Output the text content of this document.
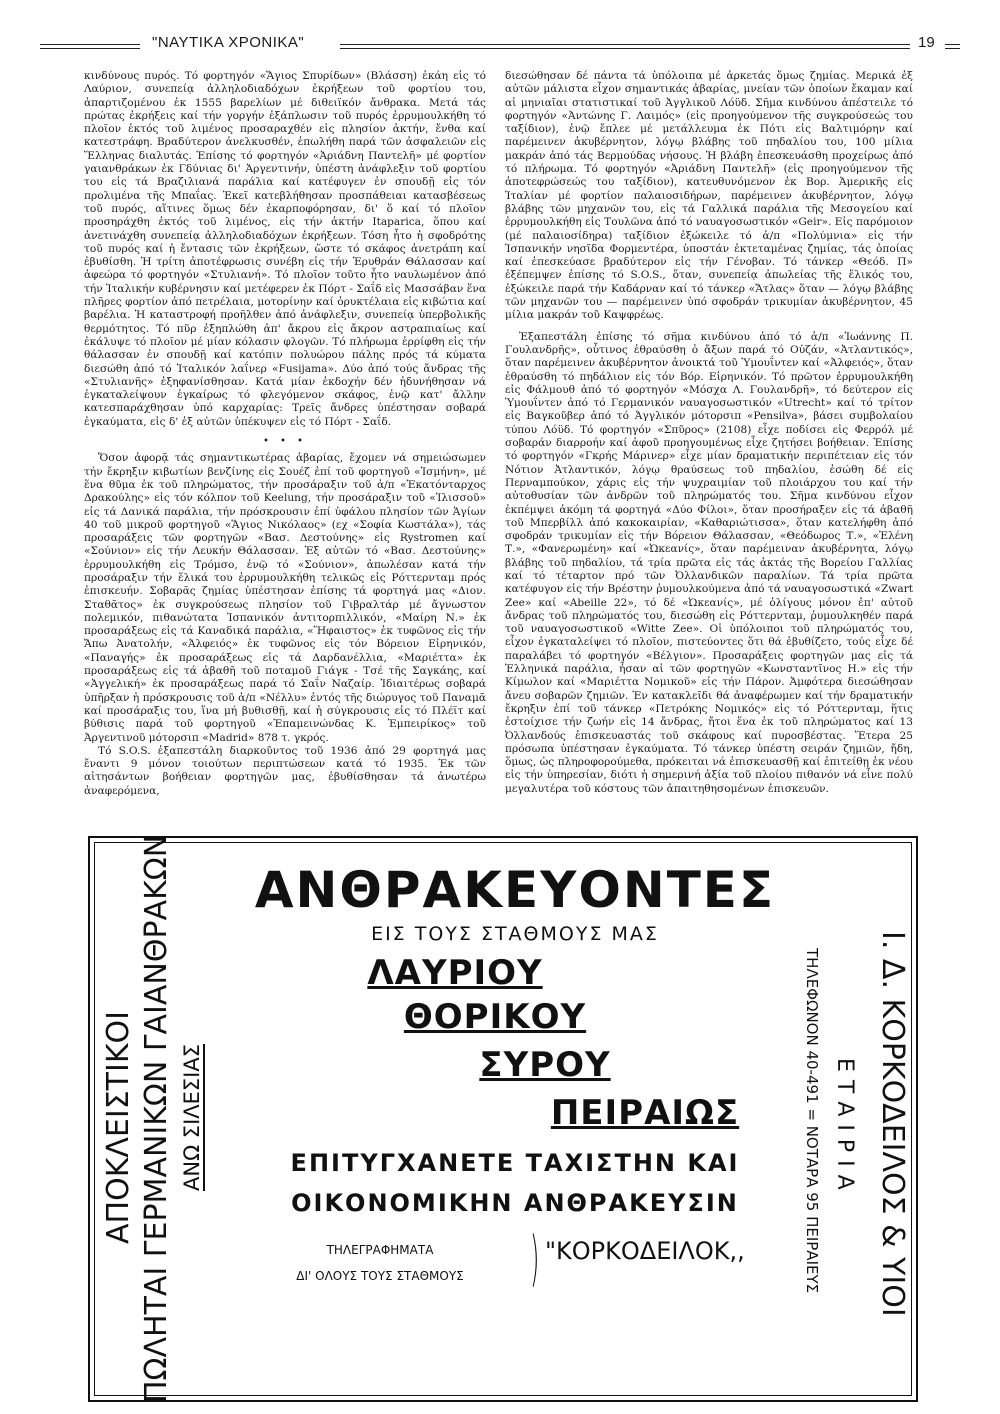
"ΝΑΥΤΙΚΑ ΧΡΟΝΙΚΑ"	19

κινδύνους πυρός. Τό φορτηγόν «Ἅγιος Σπυρίδων» (Βλάσση) ἐκάη εἰς τό Λαύριον, συνεπείᾳ ἀλληλοδιαδόχων ἐκρήξεων τοῦ φορτίου του, ἀπαρτιζομένου ἐκ 1555 βαρελίων μέ διθειϊκόν ἄνθρακα. Μετά τάς πρώτας ἐκρήξεις καί τήν γοργήν ἐξάπλωσιν τοῦ πυρός ἐρρυμουλκήθη τό πλοῖον ἐκτός τοῦ λιμένος προσαραχθέν εἰς πλησίον ἀκτήν, ἔνθα καί κατεστράφη. Βραδύτερον ἀνελκυσθέν, ἐπωλήθη παρά τῶν ἀσφαλειῶν εἰς Ἕλληνας διαλυτάς. Ἐπίσης τό φορτηγόν «Ἀριάδνη Παντελῆ» μέ φορτίον γαιανθράκων ἐκ Γδύνιας δι' Ἀργεντινήν, ὑπέστη ἀνάφλεξιν τοῦ φορτίου του εἰς τά Βραζιλιανά παράλια καί κατέφυγεν ἐν σπουδῇ εἰς τόν προλιμένα τῆς Μπαΐας. Ἐκεῖ κατεβλήθησαν προσπάθειαι κατασβέσεως τοῦ πυρός, αἵτινες ὅμως δέν ἐκαρποφόρησαν, δι' ὅ καί τό πλοῖον προσηράχθη ἐκτός τοῦ λιμένος, εἰς τήν ἀκτήν Itaparica, ὅπου καί ἀνετινάχθη συνεπείᾳ ἀλληλοδιαδόχων ἐκρήξεων. Τόση ἦτο ἡ σφοδρότης τοῦ πυρός καί ἡ ἔντασις τῶν ἐκρήξεων, ὥστε τό σκάφος ἀνετράπη καί ἐβυθίσθη. Ἡ τρίτη ἀποτέφρωσις συνέβη εἰς τήν Ἐρυθράν Θάλασσαν καί ἀφεώρα τό φορτηγόν «Στυλιανή». Τό πλοῖον τοῦτο ἦτο ναυλωμένον ἀπό τήν Ἰταλικήν κυβέρνησιν καί μετέφερεν ἐκ Πόρτ - Σαΐδ εἰς Μασσάβαν ἕνα πλῆρες φορτίον ἀπό πετρέλαια, μοτορίνην καί ὀρυκτέλαια εἰς κιβώτια καί βαρέλια. Ἡ καταστροφή προῆλθεν ἀπό ἀνάφλεξιν, συνεπείᾳ ὑπερβολικῆς θερμότητος. Τό πῦρ ἐξηπλώθη ἀπ' ἄκρου εἰς ἄκρον αστραπιαίως καί ἐκάλυψε τό πλοῖον μέ μίαν κόλασιν φλογῶν. Τό πλήρωμα ἐρρίφθη εἰς τήν θάλασσαν ἐν σπουδῇ καί κατόπιν πολυώρου πάλης πρός τά κύματα διεσώθη ἀπό τό Ἰταλικόν λαΐνερ «Fusijama». Δύο ἀπό τούς ἄνδρας τῆς «Στυλιανῆς» ἐξηφανίσθησαν. Κατά μίαν ἐκδοχήν δέν ἠδυνήθησαν νά ἐγκαταλείψουν ἐγκαίρως τό φλεγόμενον σκάφος, ἐνῷ κατ' ἄλλην κατεσπαράχθησαν ὑπό καρχαρίας: Τρεῖς ἄνδρες ὑπέστησαν σοβαρά ἐγκαύματα, εἰς δ' ἐξ αὐτῶν ὑπέκυψεν εἰς τό Πόρτ - Σαΐδ.

• • •

Ὅσον ἀφορᾷ τάς σημαντικωτέρας ἀβαρίας, ἔχομεν νά σημειώσωμεν τήν ἔκρηξιν κιβωτίων βενζίνης εἰς Σουέζ ἐπί τοῦ φορτηγοῦ «Ἰσμήνη», μέ ἕνα θῦμα ἐκ τοῦ πληρώματος, τήν προσάραξιν τοῦ ἀ/π «Ἑκατόνταρχος Δρακούλης» εἰς τόν κόλπον τοῦ Keelung, τήν προσάραξιν τοῦ «Ἰλισσοῦ» εἰς τά Δανικά παράλια, τήν πρόσκρουσιν ἐπί ὑφάλου πλησίον τῶν Ἁγίων 40 τοῦ μικροῦ φορτηγοῦ «Ἅγιος Νικόλαος» (εχ «Σοφία Κωστάλα»), τάς προσαράξεις τῶν φορτηγῶν «Βασ. Δεστούνης» εἰς Rystromen καί «Σούνιον» εἰς τήν Λευκήν Θάλασσαν. Ἐξ αὐτῶν τό «Βασ. Δεστούνης» ἐρρυμουλκήθη εἰς Τρόμσο, ἐνῷ τό «Σούνιον», ἀπωλέσαν κατά τήν προσάραξιν τήν ἕλικά του ἐρρυμουλκήθη τελικῶς εἰς Ρόττερνταμ πρός ἐπισκευήν. Σοβαρᾶς ζημίας ὑπέστησαν ἐπίσης τά φορτηγά μας «Διον. Σταθᾶτος» ἐκ συγκρούσεως πλησίον τοῦ Γιβραλτάρ μέ ἄγνωστον πολεμικόν, πιθανώτατα Ἰσπανικόν ἀντιτορπιλλικόν, «Μαίρη Ν.» ἐκ προσαράξεως εἰς τά Καναδικά παράλια, «Ἥφαιστος» ἐκ τυφῶνος εἰς τήν Ἄπω Ἀνατολήν, «Ἀλφειός» ἐκ τυφῶνος εἰς τόν Βόρειον Εἰρηνικόν, «Παναγής» ἐκ προσαράξεως εἰς τά Δαρδανέλλια, «Μαριέττα» ἐκ προσαράξεως εἰς τά ἀβαθῆ τοῦ ποταμοῦ Γιάγκ - Τσέ τῆς Σαγκάης, καί «Ἀγγελική» ἐκ προσαράξεως παρά τό Σαΐν Ναζαίρ. Ἰδιαιτέρως σοβαρά ὑπῆρξαν ἡ πρόσκρουσις τοῦ ἀ/π «Νέλλυ» ἐντός τῆς διώρυγος τοῦ Παναμᾶ καί προσάραξις του, ἵνα μή βυθισθῇ, καί ἡ σύγκρουσις εἰς τό Πλέϊτ καί βύθισις παρά τοῦ φορτηγοῦ «Ἐπαμεινώνδας Κ. Ἐμπειρίκος» τοῦ Ἀργεντινοῦ μότορσιπ «Madrid» 878 τ. γκρός.

Τό S.O.S. ἐξαπεστάλη διαρκοῦντος τοῦ 1936 ἀπό 29 φορτηγά μας ἔναντι 9 μόνον τοιούτων περιπτώσεων κατά τό 1935. Ἐκ τῶν αἰτησάντων βοήθειαν φορτηγῶν μας, ἐβυθίσθησαν τά ἀνωτέρω ἀναφερόμενα,

διεσώθησαν δέ πάντα τά ὑπόλοιπα μέ ἀρκετάς ὅμως ζημίας. Μερικά ἐξ αὐτῶν μάλιστα εἶχον σημαντικάς ἀβαρίας, μνείαν τῶν ὁποίων ἔκαμαν καί αἱ μηνιαῖαι στατιστικαί τοῦ Ἀγγλικοῦ Λόϋδ. Σῆμα κινδύνου ἀπέστειλε τό φορτηγόν «Ἀντώνης Γ. Λαιμός» (εἰς προηγούμενον τῆς συγκρούσεώς του ταξίδιον), ἐνῷ ἔπλεε μέ μετάλλευμα ἐκ Πότι εἰς Βαλτιμόρην καί παρέμεινεν ἀκυβέρνητον, λόγῳ βλάβης τοῦ πηδαλίου του, 100 μίλια μακράν ἀπό τάς Βερμούδας νήσους. Ἡ βλάβη ἐπεσκευάσθη προχείρως ἀπό τό πλήρωμα. Τό φορτηγόν «Ἀριάδνη Παντελῆ» (εἰς προηγούμενον τῆς ἀποτεφρώσεώς του ταξίδιον), κατευθυνόμενον ἐκ Βορ. Ἀμερικῆς εἰς Ἰταλίαν μέ φορτίον παλαιοσιδήρων, παρέμεινεν ἀκυβέρνητον, λόγῳ βλάβης τῶν μηχανῶν του, εἰς τά Γαλλικά παράλια τῆς Μεσογείου καί ἐρρυμουλκήθη εἰς Τουλῶνα ἀπό τό ναυαγοσωστικόν «Geir». Εἰς παρόμοιον (μέ παλαιοσίδηρα) ταξίδιον ἐξώκειλε τό ἀ/π «Πολύμνια» εἰς τήν Ἰσπανικήν νησῖδα Φορμεντέρα, ὑποστάν ἐκτεταμένας ζημίας, τάς ὁποίας καί ἐπεσκεύασε βραδύτερον εἰς τήν Γένοβαν. Τό τάνκερ «Θεόδ. Π» ἐξέπεμψεν ἐπίσης τό S.O.S., ὅταν, συνεπείᾳ ἀπωλείας τῆς ἕλικός του, ἐξώκειλε παρά τήν Καδάρναν καί τό τάνκερ «Ἄτλας» ὅταν — λόγῳ βλάβης τῶν μηχανῶν του — παρέμεινεν ὑπό σφοδράν τρικυμίαν ἀκυβέρνητον, 45 μίλια μακράν τοῦ Καψφρέως.

Ἐξαπεστάλη ἐπίσης τό σῆμα κινδύνου ἀπό τό ἀ/π «Ἰωάννης Π. Γουλανδρῆς», οὗτινος ἐθραύσθη ὁ ἄξων παρά τό Οὐζάν, «Ἀτλαντικός», ὅταν παρέμεινεν ἀκυβέρνητον ἀνοικτά τοῦ Ὑμουΐντεν καί «Ἀλφειός», ὅταν ἐθραύσθη τό πηδάλιον εἰς τόν Βόρ. Εἰρηνικόν. Τό πρῶτον ἐρρυμουλκήθη εἰς Φάλμουθ ἀπό τό φορτηγόν «Μόσχα Λ. Γουλανδρῆ», τό δεύτερον εἰς Ὑμουΐντεν ἀπό τό Γερμανικόν ναυαγοσωστικόν «Utrecht» καί τό τρίτον εἰς Βαγκοῦβερ ἀπό τό Ἀγγλικόν μότορσιπ «Pensilva», βάσει συμβολαίου τύπου Λόϋδ. Τό φορτηγόν «Σπῦρος» (2108) εἶχε ποδίσει εἰς Φερρόλ μέ σοβαράν διαρροήν καί ἀφοῦ προηγουμένως εἶχε ζητήσει βοήθειαν. Ἐπίσης τό φορτηγόν «Γκρής Μάρινερ» εἶχε μίαν δραματικήν περιπέτειαν εἰς τόν Νότιον Ἀτλαντικόν, λόγῳ θραύσεως τοῦ πηδαλίου, ἐσώθη δέ εἰς Περναμπούκον, χάρις εἰς τήν ψυχραιμίαν τοῦ πλοιάρχου του καί τήν αὐτοθυσίαν τῶν ἀνδρῶν τοῦ πληρώματός του. Σῆμα κινδύνου εἶχον ἐκπέμψει ἀκόμη τά φορτηγά «Δύο Φίλοι», ὅταν προσήραξεν εἰς τά ἀβαθῆ τοῦ Μπερβίλλ ἀπό κακοκαιρίαν, «Καθαριώτισσα», ὅταν κατελήφθη ἀπό σφοδράν τρικυμίαν εἰς τήν Βόρειον Θάλασσαν, «Θεόδωρος Τ.», «Ἑλένη Τ.», «Φανερωμένη» καί «Ὠκεανίς», ὅταν παρέμειναν ἀκυβέρνητα, λόγῳ βλάβης τοῦ πηδαλίου, τά τρία πρῶτα εἰς τάς ἀκτάς τῆς Βορείου Γαλλίας καί τό τέταρτον πρό τῶν Ὀλλανδικῶν παραλίων. Τά τρία πρῶτα κατέφυγον εἰς τήν Βρέστην ῥυμουλκούμενα ἀπό τά ναυαγοσωστικά «Zwart Zee» καί «Abeille 22», τό δέ «Ὠκεανίς», μέ ὀλίγους μόνον ἐπ' αὐτοῦ ἄνδρας τοῦ πληρώματός του, διεσώθη εἰς Ρόττερνταμ, ῥυμουλκηθέν παρά τοῦ ναυαγοσωστικοῦ «Witte Zee». Οἱ ὑπόλοιποι τοῦ πληρώματός του, εἶχον ἐγκαταλείψει τό πλοῖον, πιστεύοντες ὅτι θά ἐβυθίζετο, τούς εἶχε δέ παραλάβει τό φορτηγόν «Βέλγιον». Προσαράξεις φορτηγῶν μας εἰς τά Ἑλληνικά παράλια, ἦσαν αἱ τῶν φορτηγῶν «Κωνσταντῖνος Η.» εἰς τήν Κίμωλον καί «Μαριέττα Νομικοῦ» εἰς τήν Πάρον. Ἀμφότερα διεσώθησαν ἄνευ σοβαρῶν ζημιῶν. Ἐν κατακλεῖδι θά ἀναφέρωμεν καί τήν δραματικήν ἔκρηξιν ἐπί τοῦ τάνκερ «Πετρόκης Νομικός» εἰς τό Ρόττερνταμ, ἥτις ἐστοίχισε τήν ζωήν εἰς 14 ἄνδρας, ἤτοι ἕνα ἐκ τοῦ πληρώματος καί 13 Ὀλλανδούς ἐπισκευαστάς τοῦ σκάφους καί πυροσβέστας. Ἕτερα 25 πρόσωπα ὑπέστησαν ἐγκαύματα. Τό τάνκερ ὑπέστη σειράν ζημιῶν, ἤδη, ὅμως, ὡς πληροφορούμεθα, πρόκειται νά ἐπισκευασθῇ καί ἐπιτείθῃ ἐκ νέου εἰς τήν ὑπηρεσίαν, διότι ἡ σημερινή ἀξία τοῦ πλοίου πιθανόν νά εἶνε πολύ μεγαλυτέρα τοῦ κόστους τῶν ἀπαιτηθησομένων ἐπισκευῶν.

ΑΠΟΚΛΕΙΣΤΙΚΟΙ ΠΩΛΗΤΑΙ ΓΕΡΜΑΝΙΚΩΝ ΓΑΙΑΝΘΡΑΚΩΝ ΑΝΩ ΣΙΛΕΣΙΑΣ
ΑΝΘΡΑΚΕΥΟΝΤΕΣ
ΕΙΣ ΤΟΥΣ ΣΤΑΘΜΟΥΣ ΜΑΣ
ΛΑΥΡΙΟΥ
ΘΟΡΙΚΟΥ
ΣΥΡΟΥ
ΠΕΙΡΑΙΩΣ
ΕΠΙΤΥΓΧΑΝΕΤΕ ΤΑΧΙΣΤΗΝ ΚΑΙ
ΟΙΚΟΝΟΜΙΚΗΝ ΑΝΘΡΑΚΕΥΣΙΝ
ΤΗΛΕΓΡΑΦΗΜΑΤΑ
ΔΙ' ΟΛΟΥΣ ΤΟΥΣ ΣΤΑΘΜΟΥΣ	) "ΚΟΡΚΟΔΕΙΛΟΚ,,	ΤΗΛΕΦΩΝΟΝ 40-491 = ΝΟΤΑΡΑ 95 ΠΕΙΡΑΙΕΥΣ ΕΤΑΙΡΙΑ Ι. Δ. ΚΟΡΚΟΔΕΙΛΟΣ & ΥΙΟΙ
